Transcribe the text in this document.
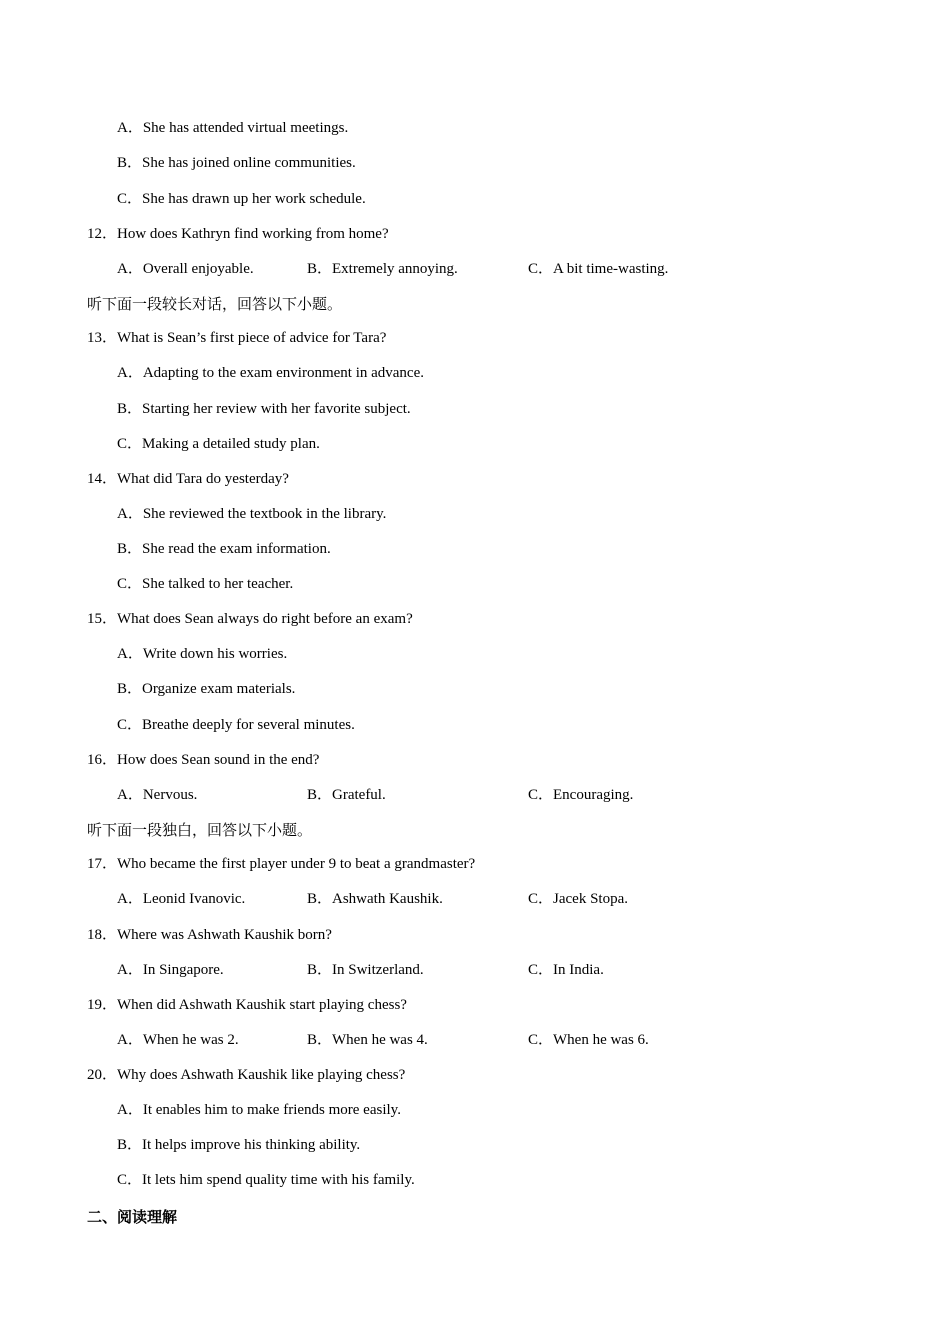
A．She has attended virtual meetings.
B．She has joined online communities.
C．She has drawn up her work schedule.
12．How does Kathryn find working from home?
A．Overall enjoyable.	B．Extremely annoying.	C．A bit time-wasting.
听下面一段较长对话，回答以下小题。
13．What is Sean’s first piece of advice for Tara?
A．Adapting to the exam environment in advance.
B．Starting her review with her favorite subject.
C．Making a detailed study plan.
14．What did Tara do yesterday?
A．She reviewed the textbook in the library.
B．She read the exam information.
C．She talked to her teacher.
15．What does Sean always do right before an exam?
A．Write down his worries.
B．Organize exam materials.
C．Breathe deeply for several minutes.
16．How does Sean sound in the end?
A．Nervous.	B．Grateful.	C．Encouraging.
听下面一段独白，回答以下小题。
17．Who became the first player under 9 to beat a grandmaster?
A．Leonid Ivanovic.	B．Ashwath Kaushik.	C．Jacek Stopa.
18．Where was Ashwath Kaushik born?
A．In Singapore.	B．In Switzerland.	C．In India.
19．When did Ashwath Kaushik start playing chess?
A．When he was 2.	B．When he was 4.	C．When he was 6.
20．Why does Ashwath Kaushik like playing chess?
A．It enables him to make friends more easily.
B．It helps improve his thinking ability.
C．It lets him spend quality time with his family.
二、阅读理解
